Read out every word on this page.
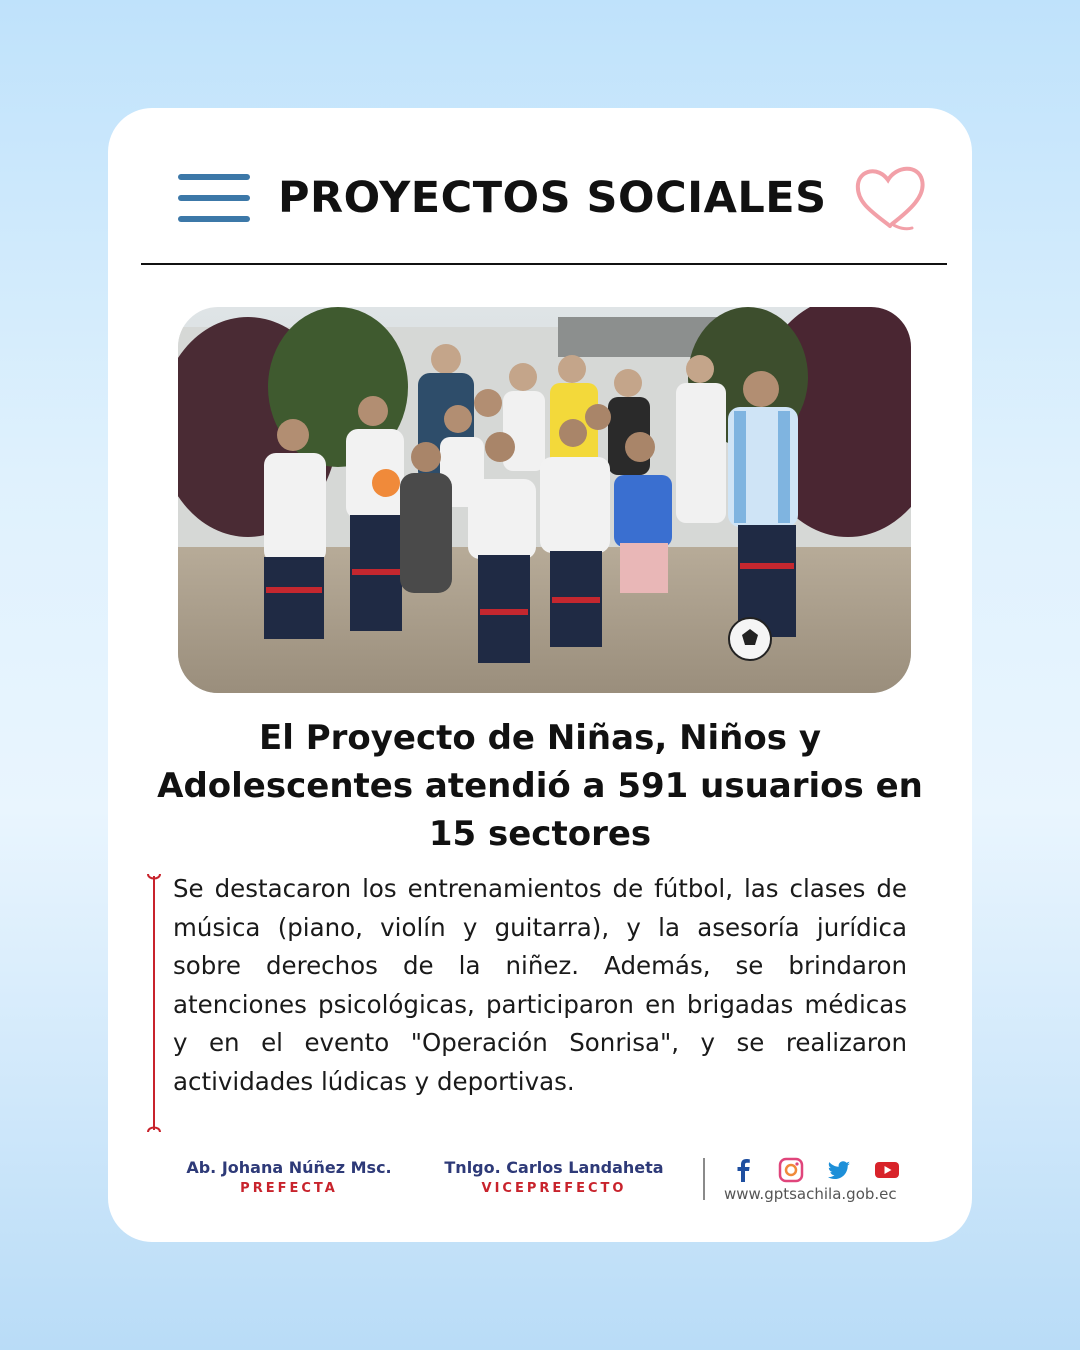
PROYECTOS SOCIALES
El Proyecto de Niñas, Niños y Adolescentes atendió a 591 usuarios en 15 sectores
Se destacaron los entrenamientos de fútbol, las clases de música (piano, violín y guitarra), y la asesoría jurídica sobre derechos de la niñez. Además, se brindaron atenciones psicológicas, participaron en brigadas médicas y en el evento "Operación Sonrisa", y se realizaron actividades lúdicas y deportivas.
Ab. Johana Núñez Msc.
PREFECTA
Tnlgo. Carlos Landaheta
VICEPREFECTO	www.gptsachila.gob.ec
